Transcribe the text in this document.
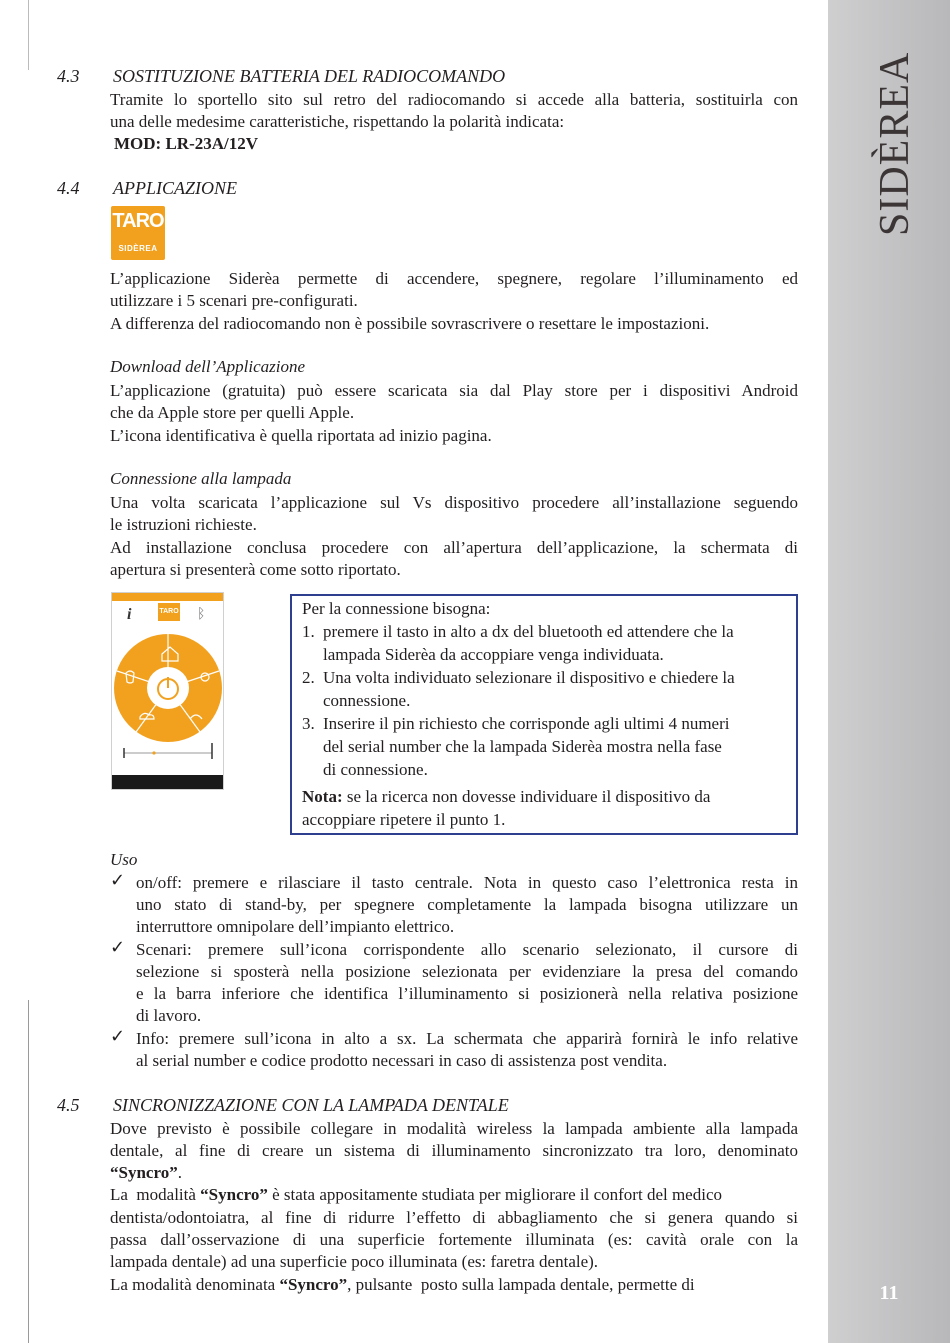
SIDÈREA
11
4.3 SOSTITUZIONE BATTERIA DEL RADIOCOMANDO
Tramite lo sportello sito sul retro del radiocomando si accede alla batteria, sostituirla con
una delle medesime caratteristiche, rispettando la polarità indicata:
MOD: LR-23A/12V
4.4 APPLICAZIONE
TARO
SIDÈREA
L’applicazione Siderèa permette di accendere, spegnere, regolare l’illuminamento ed
utilizzare i 5 scenari pre-configurati.
A differenza del radiocomando non è possibile sovrascrivere o resettare le impostazioni.
Download dell’Applicazione
L’applicazione (gratuita) può essere scaricata sia dal Play store per i dispositivi Android
che da Apple store per quelli Apple.
L’icona identificativa è quella riportata ad inizio pagina.
Connessione alla lampada
Una volta scaricata l’applicazione sul Vs dispositivo procedere all’installazione seguendo
le istruzioni richieste.
Ad installazione conclusa procedere con all’apertura dell’applicazione, la schermata di
apertura si presenterà come sotto riportato.
i	TARO ᛒ	Per la connessione bisogna:
1. premere il tasto in alto a dx del bluetooth ed attendere che la
lampada Siderèa da accoppiare venga individuata.
2. Una volta individuato selezionare il dispositivo e chiedere la
connessione.
3. Inserire il pin richiesto che corrisponde agli ultimi 4 numeri
del serial number che la lampada Siderèa mostra nella fase
di connessione.
Nota: se la ricerca non dovesse individuare il dispositivo da
accoppiare ripetere il punto 1.
Uso
✓ on/off: premere e rilasciare il tasto centrale. Nota in questo caso l’elettronica resta in
uno stato di stand-by, per spegnere completamente la lampada bisogna utilizzare un
interruttore omnipolare dell’impianto elettrico.
✓ Scenari: premere sull’icona corrispondente allo scenario selezionato, il cursore di
selezione si sposterà nella posizione selezionata per evidenziare la presa del comando
e la barra inferiore che identifica l’illuminamento si posizionerà nella relativa posizione
di lavoro.
✓ Info: premere sull’icona in alto a sx. La schermata che apparirà fornirà le info relative
al serial number e codice prodotto necessari in caso di assistenza post vendita.
4.5 SINCRONIZZAZIONE CON LA LAMPADA DENTALE
Dove previsto è possibile collegare in modalità wireless la lampada ambiente alla lampada
dentale, al fine di creare un sistema di illuminamento sincronizzato tra loro, denominato
“Syncro”.
La  modalità “Syncro” è stata appositamente studiata per migliorare il confort del medico
dentista/odontoiatra, al fine di ridurre l’effetto di abbagliamento che si genera quando si
passa dall’osservazione di una superficie fortemente illuminata (es: cavità orale con la
lampada dentale) ad una superficie poco illuminata (es: faretra dentale).
La modalità denominata “Syncro”, pulsante  posto sulla lampada dentale, permette di
